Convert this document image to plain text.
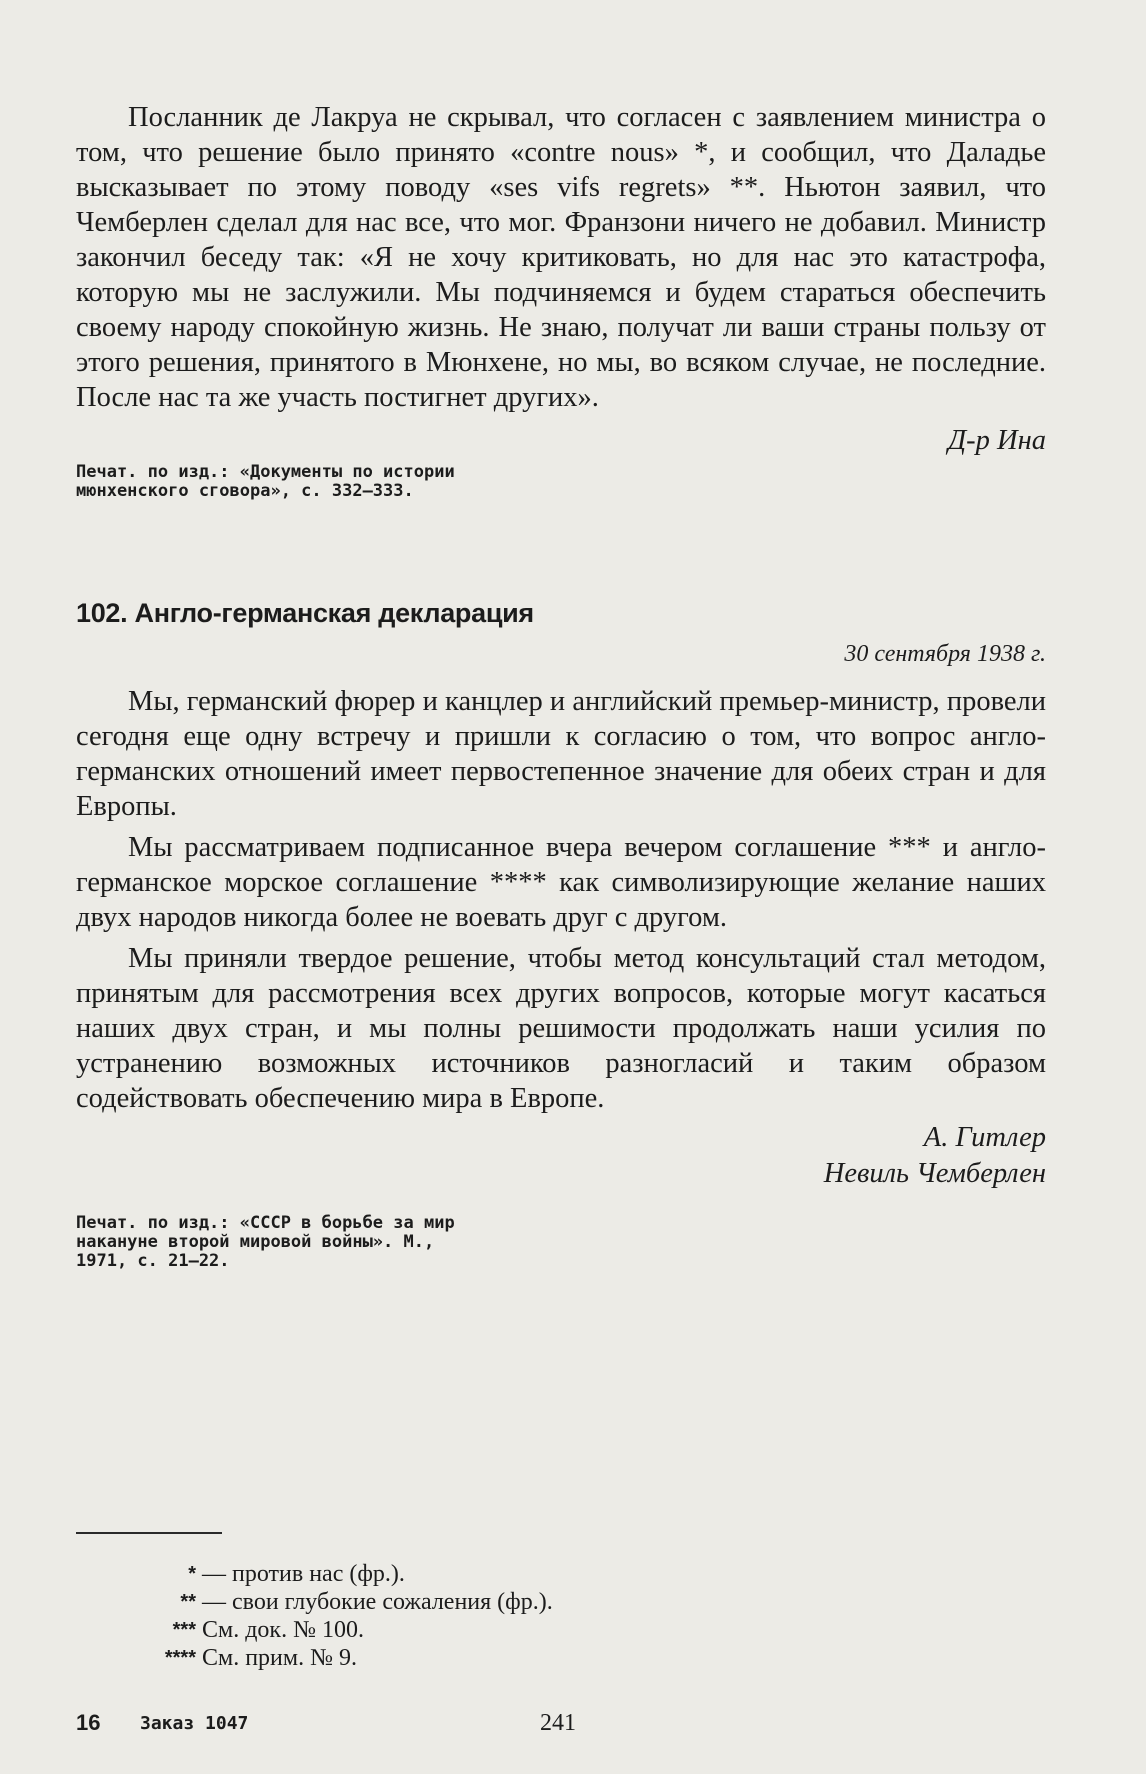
Посланник де Лакруа не скрывал, что согласен с заявлением министра о том, что решение было принято «contre nous» *, и сообщил, что Даладье высказывает по этому поводу «ses vifs regrets» **. Ньютон заявил, что Чемберлен сделал для нас все, что мог. Франзони ничего не добавил. Министр закончил беседу так: «Я не хочу критиковать, но для нас это катастрофа, которую мы не заслужили. Мы подчиняемся и будем стараться обеспечить своему народу спокойную жизнь. Не знаю, получат ли ваши страны пользу от этого решения, принятого в Мюнхене, но мы, во всяком случае, не последние. После нас та же участь постигнет других».

Д-р Ина

Печат. по изд.: «Документы по истории

мюнхенского сговора», с. 332—333.

102. Англо-германская декларация

30 сентября 1938 г.

Мы, германский фюрер и канцлер и английский премьер-министр, провели сегодня еще одну встречу и пришли к согласию о том, что вопрос англо-германских отношений имеет первостепенное значение для обеих стран и для Европы.

Мы рассматриваем подписанное вчера вечером соглашение *** и англо-германское морское соглашение **** как символизирующие желание наших двух народов никогда более не воевать друг с другом.

Мы приняли твердое решение, чтобы метод консультаций стал методом, принятым для рассмотрения всех других вопросов, которые могут касаться наших двух стран, и мы полны решимости продолжать наши усилия по устранению возможных источников разногласий и таким образом содействовать обеспечению мира в Европе.

А. Гитлер

Невиль Чемберлен

Печат. по изд.: «СССР в борьбе за мир

накануне второй мировой войны». М.,

1971, с. 21—22.

* — против нас (фр.).

** — свои глубокие сожаления (фр.).

*** См. док. № 100.

**** См. прим. № 9.

16 Заказ 1047	241
